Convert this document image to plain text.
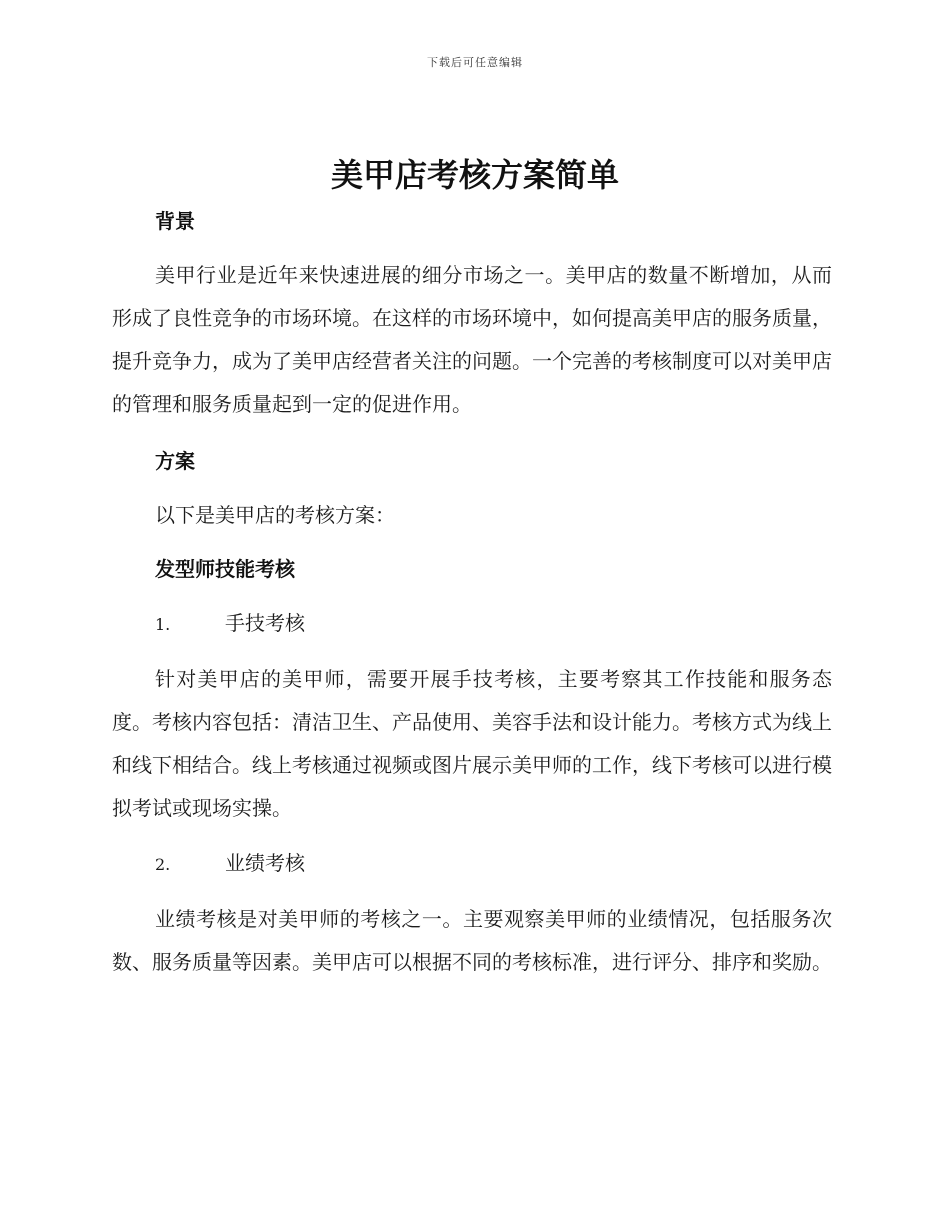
下载后可任意编辑
美甲店考核方案简单
背景

美甲行业是近年来快速进展的细分市场之一。美甲店的数量不断增加，从而形成了良性竞争的市场环境。在这样的市场环境中，如何提高美甲店的服务质量，提升竞争力，成为了美甲店经营者关注的问题。一个完善的考核制度可以对美甲店的管理和服务质量起到一定的促进作用。

方案

以下是美甲店的考核方案：

发型师技能考核
1.	手技考核

针对美甲店的美甲师，需要开展手技考核，主要考察其工作技能和服务态度。考核内容包括：清洁卫生、产品使用、美容手法和设计能力。考核方式为线上和线下相结合。线上考核通过视频或图片展示美甲师的工作，线下考核可以进行模拟考试或现场实操。

2.	业绩考核

业绩考核是对美甲师的考核之一。主要观察美甲师的业绩情况，包括服务次数、服务质量等因素。美甲店可以根据不同的考核标准，进行评分、排序和奖励。
